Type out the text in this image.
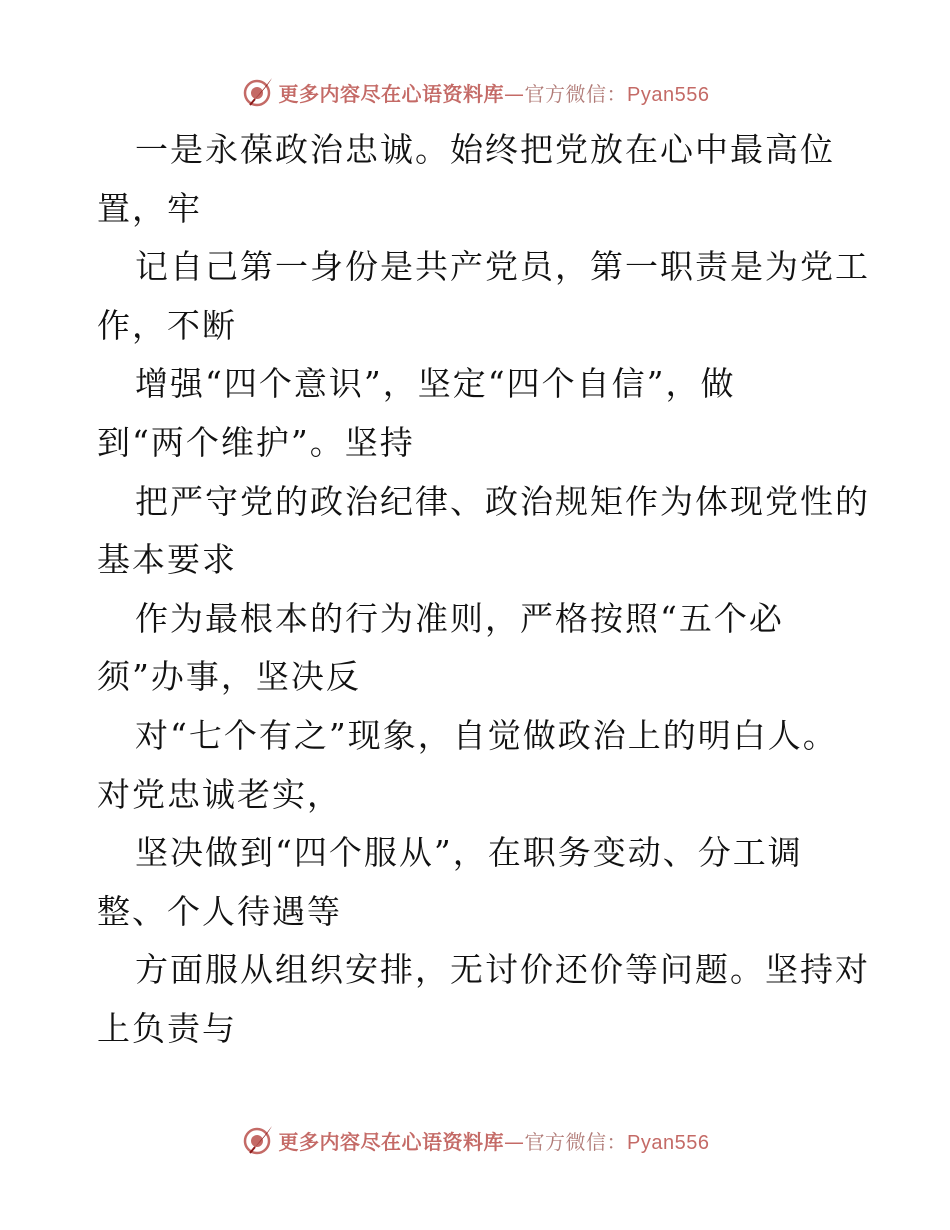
更多内容尽在心语资料库—官方微信：Pyan556
一是永葆政治忠诚。始终把党放在心中最高位
置，牢
记自己第一身份是共产党员，第一职责是为党工
作，不断
增强“四个意识”，坚定“四个自信”，做
到“两个维护”。坚持
把严守党的政治纪律、政治规矩作为体现党性的
基本要求
作为最根本的行为准则，严格按照“五个必
须”办事，坚决反
对“七个有之”现象，自觉做政治上的明白人。
对党忠诚老实，
坚决做到“四个服从”，在职务变动、分工调
整、个人待遇等
方面服从组织安排，无讨价还价等问题。坚持对
上负责与
更多内容尽在心语资料库—官方微信：Pyan556
